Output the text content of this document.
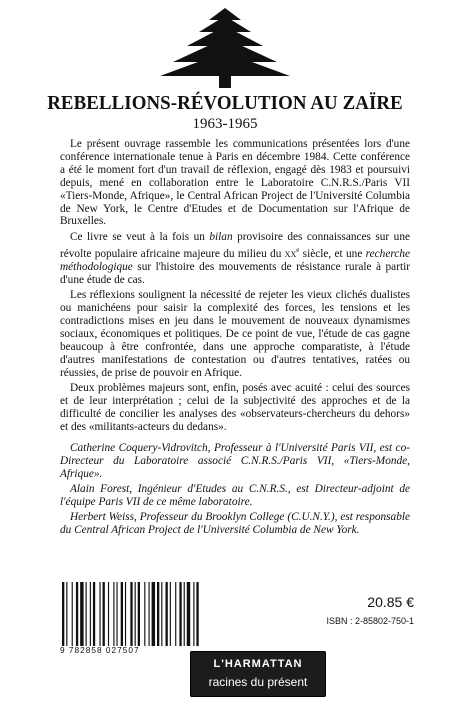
REBELLIONS-RÉVOLUTION AU ZAÏRE
1963-1965

Le présent ouvrage rassemble les communications présentées lors d'une conférence internationale tenue à Paris en décembre 1984. Cette conférence a été le moment fort d'un travail de réflexion, engagé dès 1983 et poursuivi depuis, mené en collaboration entre le Laboratoire C.N.R.S./Paris VII «Tiers-Monde, Afrique», le Central African Project de l'Université Columbia de New York, le Centre d'Etudes et de Documentation sur l'Afrique de Bruxelles.

Ce livre se veut à la fois un bilan provisoire des connaissances sur une révolte populaire africaine majeure du milieu du $xx^e$ siècle, et une recherche méthodologique sur l'histoire des mouvements de résistance rurale à partir d'une étude de cas.

Les réflexions soulignent la nécessité de rejeter les vieux clichés dualistes ou manichéens pour saisir la complexité des forces, les tensions et les contradictions mises en jeu dans le mouvement de nouveaux dynamismes sociaux, économiques et politiques. De ce point de vue, l'étude de cas gagne beaucoup à être confrontée, dans une approche comparatiste, à l'étude d'autres manifestations de contestation ou d'autres tentatives, ratées ou réussies, de prise de pouvoir en Afrique.

Deux problèmes majeurs sont, enfin, posés avec acuité : celui des sources et de leur interprétation ; celui de la subjectivité des approches et de la difficulté de concilier les analyses des «observateurs-chercheurs du dehors» et des «militants-acteurs du dedans».

Catherine Coquery-Vidrovitch, Professeur à l'Université Paris VII, est co-Directeur du Laboratoire associé C.N.R.S./Paris VII, «Tiers-Monde, Afrique».

Alain Forest, Ingénieur d'Etudes au C.N.R.S., est Directeur-adjoint de l'équipe Paris VII de ce même laboratoire.

Herbert Weiss, Professeur du Brooklyn College (C.U.N.Y.), est responsable du Central African Project de l'Université Columbia de New York.

9 782858 027507
20.85 €
ISBN : 2-85802-750-1
L'HARMATTAN
racines du présent
